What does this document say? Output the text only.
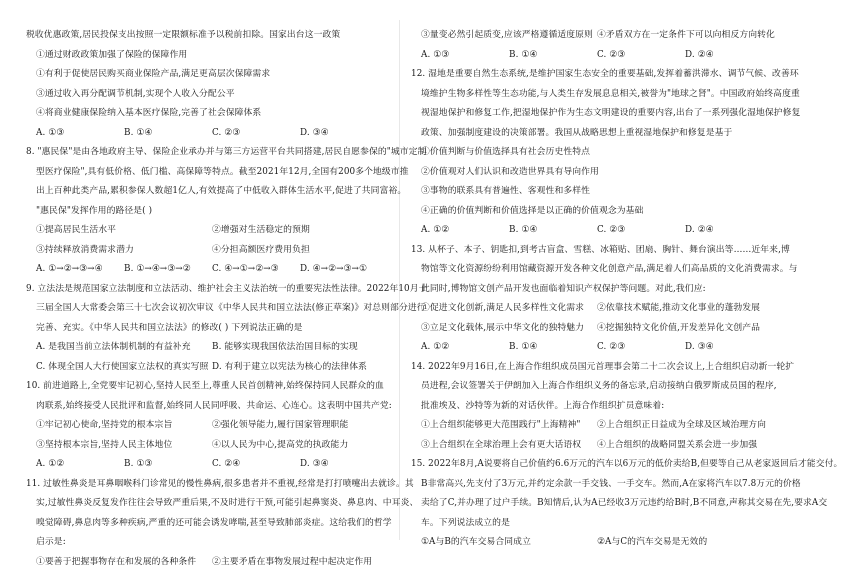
税收优惠政策,居民投保支出按照一定限额标准予以税前扣除。国家出台这一政策
①通过财政政策加强了保险的保障作用
①有利于促使居民购买商业保险产品,满足更高层次保障需求
③通过收入再分配调节机制,实现个人收入分配公平
④将商业健康保险纳入基本医疗保险,完善了社会保障体系
A. ①③	B. ①④	C. ②③	D. ③④
8. "惠民保"是由各地政府主导、保险企业承办并与第三方运营平台共同搭建,居民自愿参保的"城市定制
型医疗保险",具有低价格、低门槛、高保障等特点。截至2021年12月,全国有200多个地级市推
出上百种此类产品,累积参保人数超1亿人,有效提高了中低收入群体生活水平,促进了共同富裕。
"惠民保"发挥作用的路径是( )
①提高居民生活水平	②增强对生活稳定的预期
③持续释放消费需求潜力	④分担高额医疗费用负担
A. ①→②→③→④	B. ①→④→③→②	C. ④→①→②→③	D. ④→②→③→①
9. 立法法是规范国家立法制度和立法活动、维护社会主义法治统一的重要宪法性法律。2022年10月十
三届全国人大常委会第三十七次会议初次审议《中华人民共和国立法法(修正草案)》对总则部分进行
完善、充实。《中华人民共和国立法法》的修改( ) 下列说法正确的是
A. 是我国当前立法体制机制的有益补充	B. 能够实现我国依法治国目标的实现
C. 体现全国人大行使国家立法权的真实写照 D. 有利于建立以宪法为核心的法律体系
10. 前进道路上,全党要牢记初心,坚持人民至上,尊重人民首创精神,始终保持同人民群众的血
肉联系,始终接受人民批评和监督,始终同人民同呼吸、共命运、心连心。这表明中国共产党:
①牢记初心使命,坚持党的根本宗旨	②强化领导能力,履行国家管理职能
③坚持根本宗旨,坚持人民主体地位	④以人民为中心,提高党的执政能力
A. ①②	B. ①③	C. ②④	D. ③④
11. 过敏性鼻炎是耳鼻咽喉科门诊常见的慢性鼻病,很多患者并不重视,经常是打打喷嚏出去就诊。其
实,过敏性鼻炎反复发作往往会导致严重后果,不及时进行干预,可能引起鼻窦炎、鼻息肉、中耳炎、
嗅觉障碍,鼻息肉等多种疾病,严重的还可能会诱发哮喘,甚至导致肺部炎症。这给我们的哲学
启示是:
①要善于把握事物存在和发展的各种条件	②主要矛盾在事物发展过程中起决定作用
③量变必然引起质变,应该严格遵循适度原则 ④矛盾双方在一定条件下可以向相反方向转化
A. ①③	B. ①④	C. ②③	D. ②④
12. 湿地是重要自然生态系统,是维护国家生态安全的重要基础,发挥着蓄洪滞水、调节气候、改善环
境维护生物多样性等生态功能,与人类生存发展息息相关,被誉为"地球之肾"。中国政府始终高度重
视湿地保护和修复工作,把湿地保护作为生态文明建设的重要内容,出台了一系列强化湿地保护修复
政策、加强制度建设的决策部署。我国从战略思想上重视湿地保护和修复是基于
①价值判断与价值选择具有社会历史性特点
②价值观对人们认识和改造世界具有导向作用
③事物的联系具有普遍性、客观性和多样性
④正确的价值判断和价值选择是以正确的价值观念为基础
A. ①②	B. ①④	C. ②③	D. ②④
13. 从杯子、本子、钥匙扣,到考古盲盒、雪糕、冰箱贴、团扇、胸针、舞台演出等……近年来,博
物馆等文化资源纷纷利用馆藏资源开发各种文化创意产品,满足着人们高品质的文化消费需求。与
此同时,博物馆文创产品开发也面临着知识产权保护等问题。对此,我们应:
①促进文化创新,满足人民多样性文化需求	②依靠技术赋能,推动文化事业的蓬勃发展
③立足文化载体,展示中华文化的独特魅力	④挖掘独特文化价值,开发差异化文创产品
A. ①②	B. ①④	C. ②③	D. ③④
14. 2022年9月16日,在上海合作组织成员国元首理事会第二十二次会议上,上合组织启动新一轮扩
员进程,会议签署关于伊朗加入上海合作组织义务的备忘录,启动接纳白俄罗斯成员国的程序,
批准埃及、沙特等为新的对话伙伴。上海合作组织扩员意味着:
①上合组织能够更大范围践行"上海精神"	②上合组织正日益成为全球及区域治理方向
③上合组织在全球治理上会有更大话语权	④上合组织的战略同盟关系会进一步加强
15. 2022年8月,A说要将自己价值约6.6万元的汽车以6万元的低价卖给B,但要等自己从老家返回后才能交付。
B非常高兴,先支付了3万元,并约定余款一手交钱、一手交车。然而,A在家将汽车以7.8万元的价格
卖给了C,并办理了过户手续。B知情后,认为A已经收3万元违约给B时,B不同意,声称其交易在先,要求A交
车。下列说法成立的是
①A与B的汽车交易合同成立	②A与C的汽车交易是无效的
